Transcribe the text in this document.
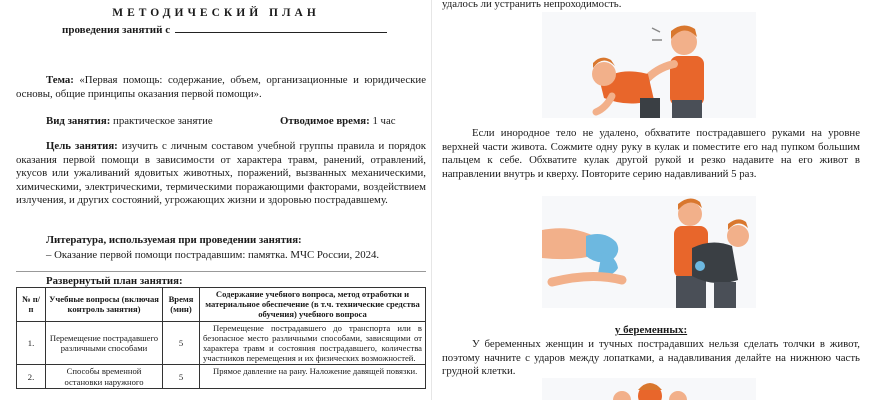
МЕТОДИЧЕСКИЙ ПЛАН
проведения занятий с
Тема: «Первая помощь: содержание, объем, организационные и юридические основы, общие принципы оказания первой помощи».
Вид занятия: практическое занятие	Отводимое время: 1 час
Цель занятия: изучить с личным составом учебной группы правила и порядок оказания первой помощи в зависимости от характера травм, ранений, отравлений, укусов или ужаливаний ядовитых животных, поражений, вызванных механическими, химическими, электрическими, термическими поражающими факторами, воздействием излучения, и других состояний, угрожающих жизни и здоровью пострадавшему.
Литература, используемая при проведении занятия:
– Оказание первой помощи пострадавшим: памятка. МЧС России, 2024.
Развернутый план занятия:
№ п/п	Учебные вопросы (включая контроль занятия)	Время (мин)	Содержание учебного вопроса, метод отработки и материальное обеспечение (в т.ч. технические средства обучения) учебного вопроса
1.	Перемещение пострадавшего различными способами	5	Перемещение пострадавшего до транспорта или в безопасное место различными способами, зависящими от характера травм и состояния пострадавшего, количества участников перемещения и их физических возможностей.
2.	Способы временной остановки наружного	5	Прямое давление на рану. Наложение давящей повязки.
удалось ли устранить непроходимость.
Если инородное тело не удалено, обхватите пострадавшего руками на уровне верхней части живота. Сожмите одну руку в кулак и поместите его над пупком большим пальцем к себе. Обхватите кулак другой рукой и резко надавите на его живот в направлении внутрь и кверху. Повторите серию надавливаний 5 раз.
у беременных:
У беременных женщин и тучных пострадавших нельзя сделать толчки в живот, поэтому начните с ударов между лопатками, а надавливания делайте на нижнюю часть грудной клетки.
